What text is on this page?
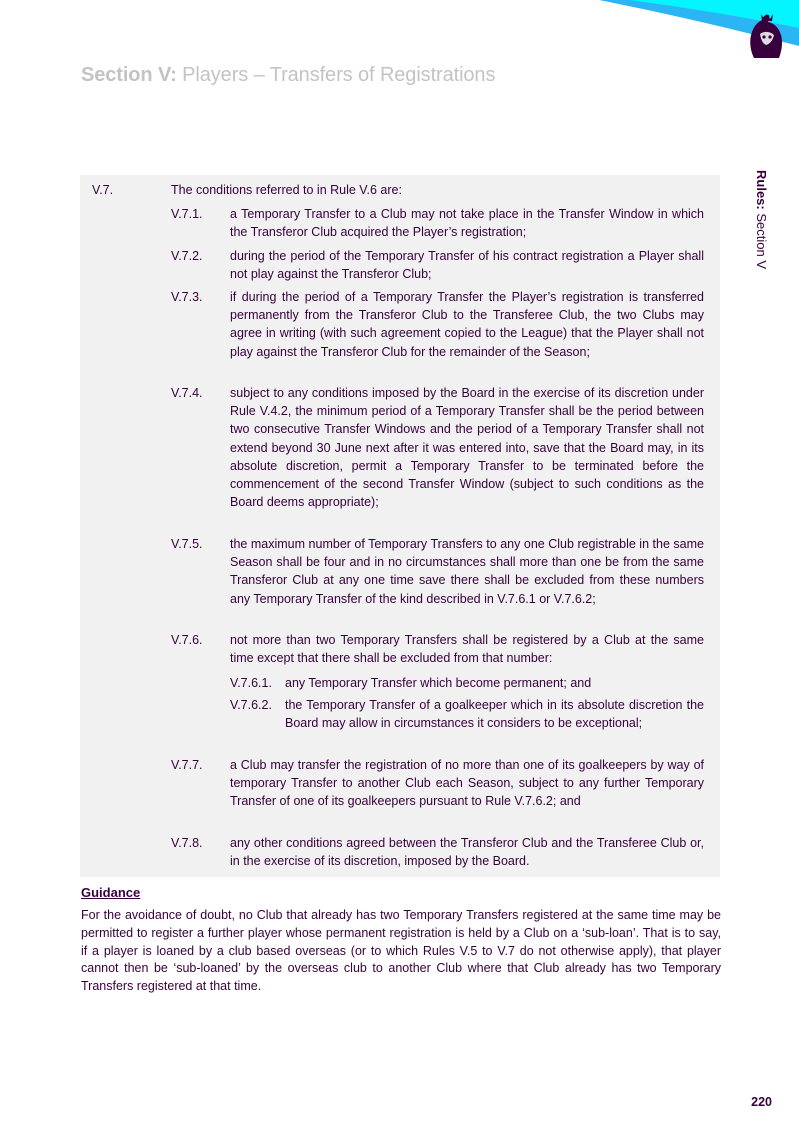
Section V: Players – Transfers of Registrations
Rules: Section V
V.7.	The conditions referred to in Rule V.6 are:
V.7.1. a Temporary Transfer to a Club may not take place in the Transfer Window in which the Transferor Club acquired the Player’s registration;
V.7.2. during the period of the Temporary Transfer of his contract registration a Player shall not play against the Transferor Club;
V.7.3. if during the period of a Temporary Transfer the Player’s registration is transferred permanently from the Transferor Club to the Transferee Club, the two Clubs may agree in writing (with such agreement copied to the League) that the Player shall not play against the Transferor Club for the remainder of the Season;
V.7.4. subject to any conditions imposed by the Board in the exercise of its discretion under Rule V.4.2, the minimum period of a Temporary Transfer shall be the period between two consecutive Transfer Windows and the period of a Temporary Transfer shall not extend beyond 30 June next after it was entered into, save that the Board may, in its absolute discretion, permit a Temporary Transfer to be terminated before the commencement of the second Transfer Window (subject to such conditions as the Board deems appropriate);
V.7.5. the maximum number of Temporary Transfers to any one Club registrable in the same Season shall be four and in no circumstances shall more than one be from the same Transferor Club at any one time save there shall be excluded from these numbers any Temporary Transfer of the kind described in V.7.6.1 or V.7.6.2;
V.7.6. not more than two Temporary Transfers shall be registered by a Club at the same time except that there shall be excluded from that number:
V.7.6.1. any Temporary Transfer which become permanent; and
V.7.6.2. the Temporary Transfer of a goalkeeper which in its absolute discretion the Board may allow in circumstances it considers to be exceptional;
V.7.7. a Club may transfer the registration of no more than one of its goalkeepers by way of temporary Transfer to another Club each Season, subject to any further Temporary Transfer of one of its goalkeepers pursuant to Rule V.7.6.2; and
V.7.8. any other conditions agreed between the Transferor Club and the Transferee Club or, in the exercise of its discretion, imposed by the Board.
Guidance
For the avoidance of doubt, no Club that already has two Temporary Transfers registered at the same time may be permitted to register a further player whose permanent registration is held by a Club on a ‘sub-loan’. That is to say, if a player is loaned by a club based overseas (or to which Rules V.5 to V.7 do not otherwise apply), that player cannot then be ‘sub-loaned’ by the overseas club to another Club where that Club already has two Temporary Transfers registered at that time.
220
